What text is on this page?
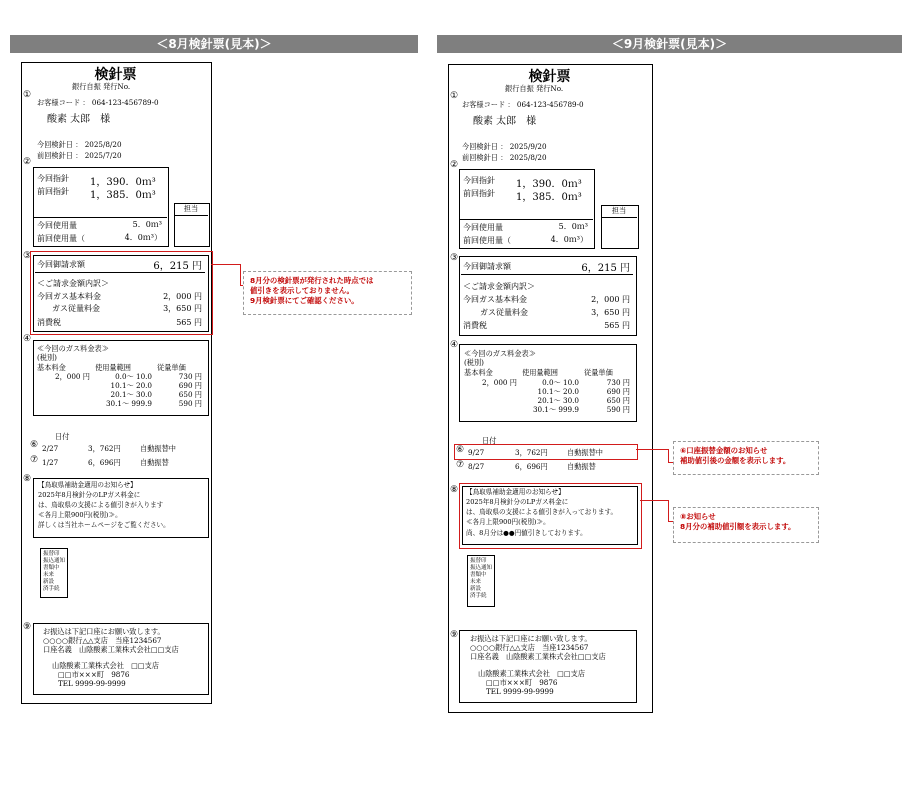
＜8月検針票(見本)＞	＜9月検針票(見本)＞
検針票
銀行自振 発行No.
①
お客様コード ： 064-123-456789-0
酸素 太郎　様
今回検針日 ： 2025/8/20
前回検針日 ： 2025/7/20
②
今回指針 1，390．0ｍ³
前回指針 1，385．0ｍ³
今回使用量	5．0ｍ³
前回使用量（	4．0ｍ³）
担当
③
今回御請求額	6，215 円
＜ご請求金額内訳＞
今回ガス基本料金	2，000 円
ガス従量料金	3，650 円
消費税	565 円
④
≪今回のガス料金表≫
(税別)
基本料金	使用量範囲	従量単価
2，000 円	0.0～ 10.0	730 円
10.1～ 20.0	690 円
20.1～ 30.0	650 円
30.1～ 999.9	590 円
日付
⑥ 2/27	3，762円	自動振替中
⑦ 1/27	6，696円	自動振替
⑧
【鳥取県補助金適用のお知らせ】
2025年8月検針分のLPガス料金に
は、鳥取県の支援による値引きが入ります
≪各月上限900円(税別)≫。
詳しくは当社ホームページをご覧ください。
振替印
振込通知
書類中
未来
新設
済手続
⑨ お振込は下記口座にお願い致します。
○○○○銀行△△支店　当座1234567
口座名義　山陰酸素工業株式会社□□支店
山陰酸素工業株式会社　□□支店
□□市×××町　9876
TEL 9999-99-9999
8月分の検針票が発行された時点では
値引きを表示しておりません。
9月検針票にてご確認ください。
検針票
銀行自振 発行No.
①
お客様コード ： 064-123-456789-0
酸素 太郎　様
今回検針日 ： 2025/9/20
前回検針日 ： 2025/8/20
②
今回指針 1，390．0ｍ³
前回指針 1，385．0ｍ³
今回使用量	5．0ｍ³
前回使用量（	4．0ｍ³）
担当
③
今回御請求額	6，215 円
＜ご請求金額内訳＞
今回ガス基本料金	2，000 円
ガス従量料金	3，650 円
消費税	565 円
④
≪今回のガス料金表≫
(税別)
基本料金	使用量範囲	従量単価
2，000 円	0.0～ 10.0	730 円
10.1～ 20.0	690 円
20.1～ 30.0	650 円
30.1～ 999.9	590 円
日付
⑥ 9/27	3，762円	自動振替中
⑦ 8/27	6，696円	自動振替
⑧ 【鳥取県補助金適用のお知らせ】
2025年8月検針分のLPガス料金に
は、鳥取県の支援による値引きが入っております。
≪各月上限900円(税別)≫。
尚、8月分は●●円値引きしております。
振替印
振込通知
書類中
未来
新設
済手続
⑨ お振込は下記口座にお願い致します。
○○○○銀行△△支店　当座1234567
口座名義　山陰酸素工業株式会社□□支店
山陰酸素工業株式会社　□□支店
□□市×××町　9876
TEL 9999-99-9999
⑥口座振替金額のお知らせ
補助値引後の金額を表示します。
⑧お知らせ
8月分の補助値引額を表示します。
